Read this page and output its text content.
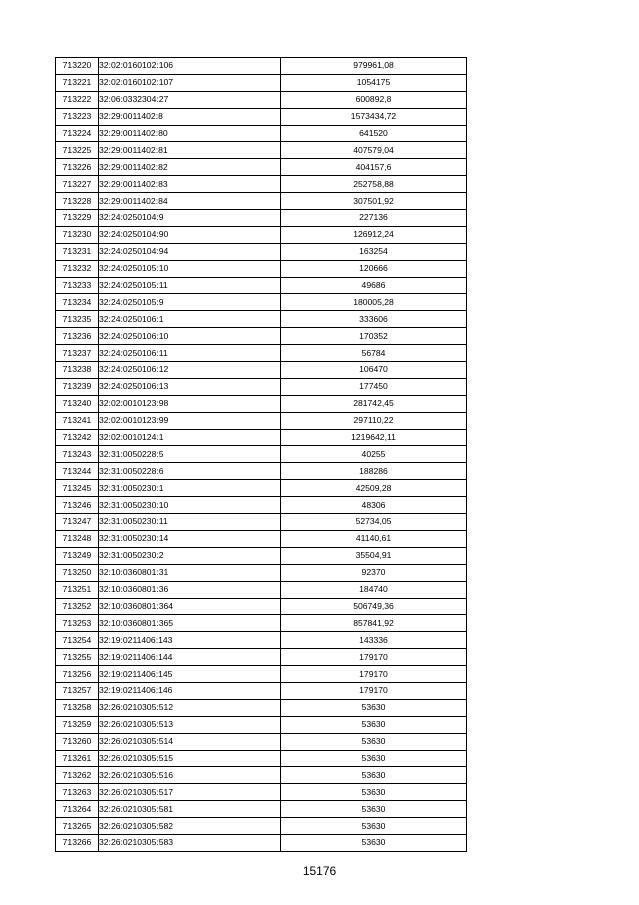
713220	32:02:0160102:106	979961,08
713221	32:02:0160102:107	1054175
713222	32:06:0332304:27	600892,8
713223	32:29:0011402:8	1573434,72
713224	32:29:0011402:80	641520
713225	32:29:0011402:81	407579,04
713226	32:29:0011402:82	404157,6
713227	32:29:0011402:83	252758,88
713228	32:29:0011402:84	307501,92
713229	32:24:0250104:9	227136
713230	32:24:0250104:90	126912,24
713231	32:24:0250104:94	163254
713232	32:24:0250105:10	120666
713233	32:24:0250105:11	49686
713234	32:24:0250105:9	180005,28
713235	32:24:0250106:1	333606
713236	32:24:0250106:10	170352
713237	32:24:0250106:11	56784
713238	32:24:0250106:12	106470
713239	32:24:0250106:13	177450
713240	32:02:0010123:98	281742,45
713241	32:02:0010123:99	297110,22
713242	32:02:0010124:1	1219642,11
713243	32:31:0050228:5	40255
713244	32:31:0050228:6	188286
713245	32:31:0050230:1	42509,28
713246	32:31:0050230:10	48306
713247	32:31:0050230:11	52734,05
713248	32:31:0050230:14	41140,61
713249	32:31:0050230:2	35504,91
713250	32:10:0360801:31	92370
713251	32:10:0360801:36	184740
713252	32:10:0360801:364	506749,36
713253	32:10:0360801:365	857841,92
713254	32:19:0211406:143	143336
713255	32:19:0211406:144	179170
713256	32:19:0211406:145	179170
713257	32:19:0211406:146	179170
713258	32:26:0210305:512	53630
713259	32:26:0210305:513	53630
713260	32:26:0210305:514	53630
713261	32:26:0210305:515	53630
713262	32:26:0210305:516	53630
713263	32:26:0210305:517	53630
713264	32:26:0210305:581	53630
713265	32:26:0210305:582	53630
713266	32:26:0210305:583	53630
15176
